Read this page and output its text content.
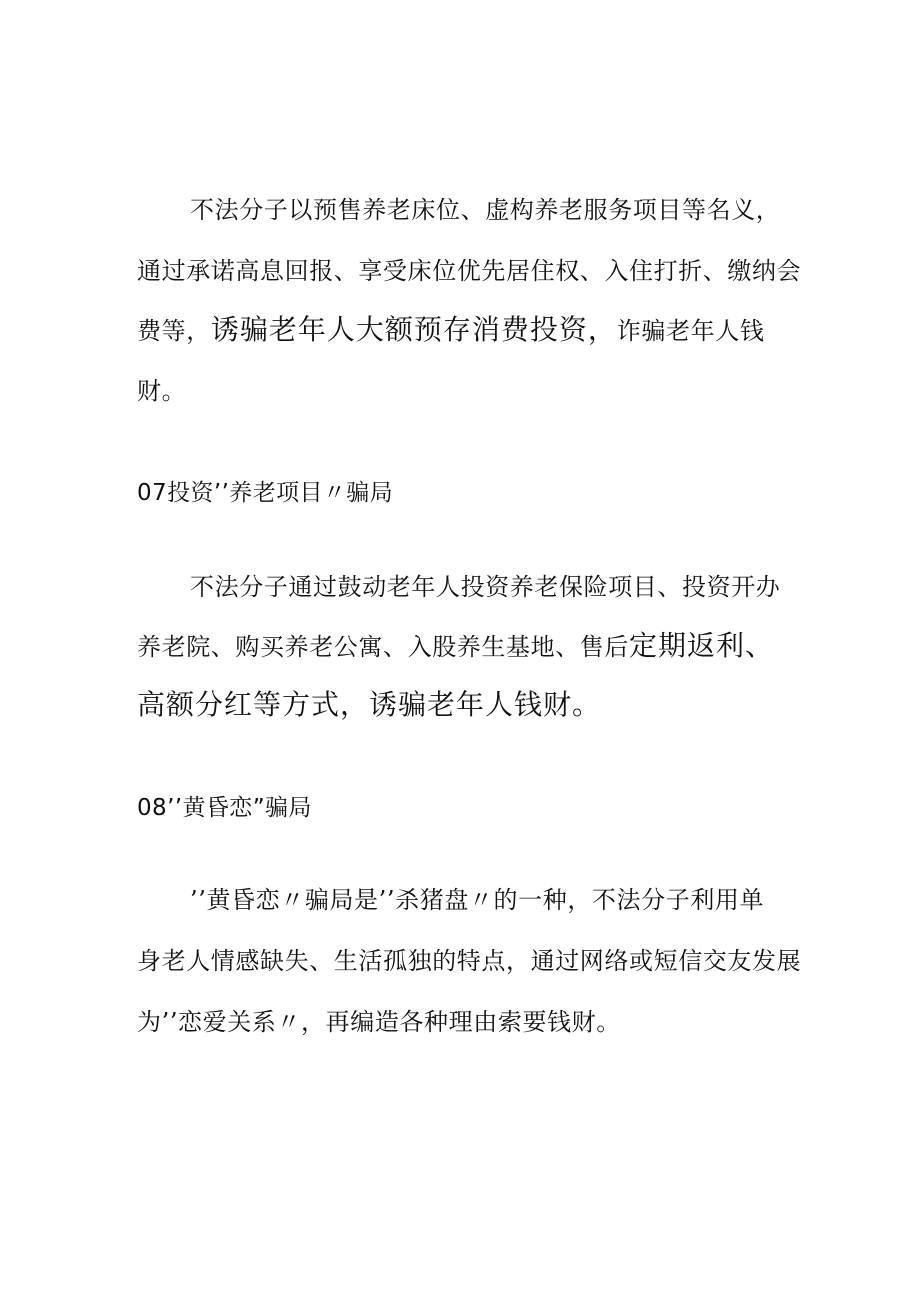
不法分子以预售养老床位、虚构养老服务项目等名义，
通过承诺高息回报、享受床位优先居住权、入住打折、缴纳会
费等，诱骗老年人大额预存消费投资，诈骗老年人钱
财。
07投资’’养老项目〃骗局
不法分子通过鼓动老年人投资养老保险项目、投资开办
养老院、购买养老公寓、入股养生基地、售后定期返利、
高额分红等方式，诱骗老年人钱财。
08’’黄昏恋”骗局
’’黄昏恋〃骗局是’’杀猪盘〃的一种，不法分子利用单
身老人情感缺失、生活孤独的特点，通过网络或短信交友发展
为’’恋爱关系〃，再编造各种理由索要钱财。
